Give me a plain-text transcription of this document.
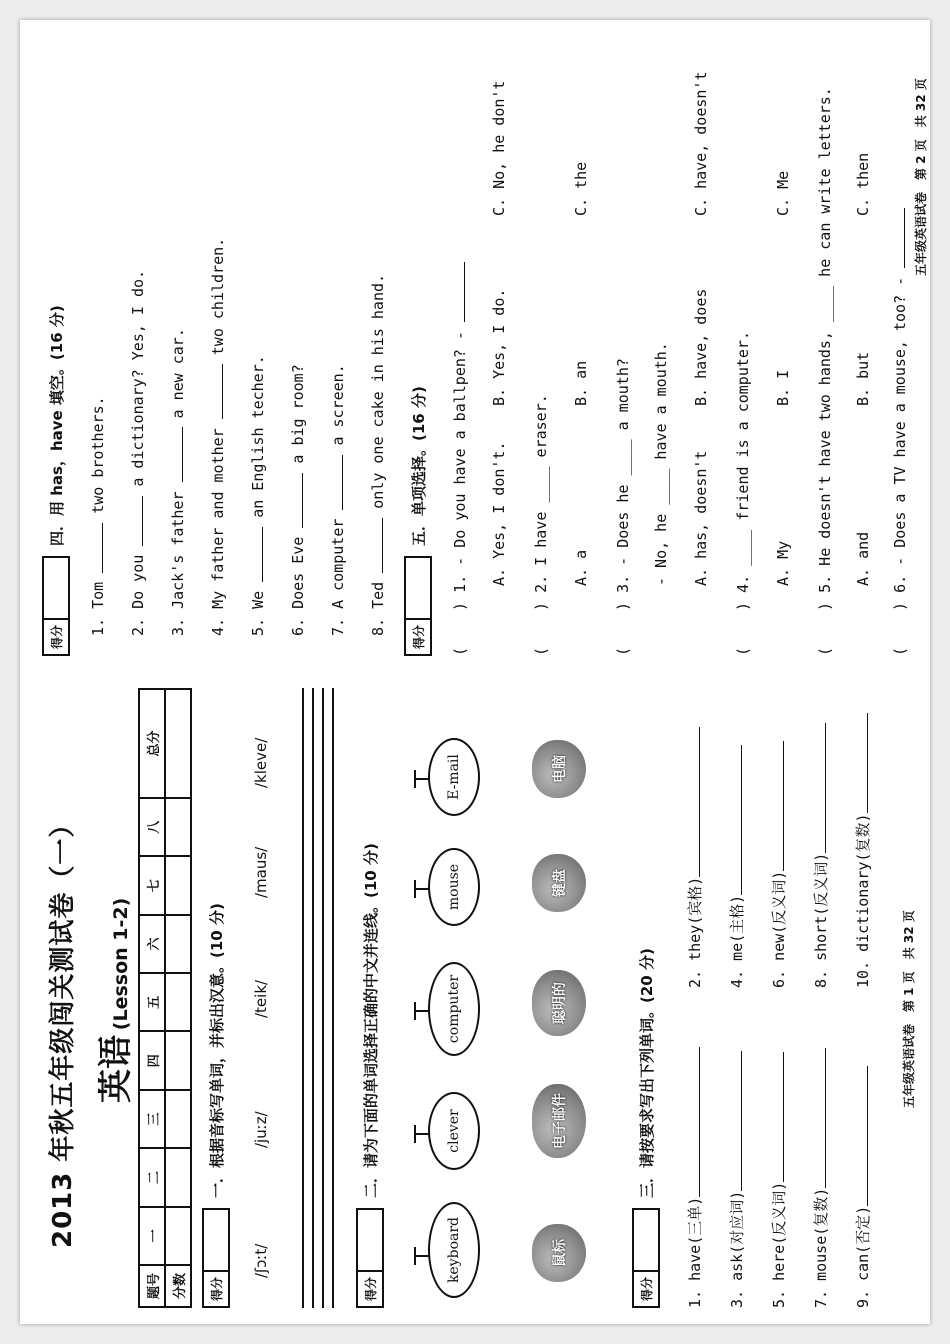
2013 年秋五年级闯关测试卷（一） 英语 (Lesson 1-2)
题号	一	二	三	四	五	六	七	八	总分
分数										得分
一．根据音标写单词，并标出汉意。(10 分)
/ʃɔːt/
/juːz/
/teik/
/maus/
/kleve/
得分
二．请为下面的单词选择正确的中文并连线。(10 分)
keyboard
clever
computer
mouse
E-mail
鼠标
电子邮件
聪明的
键盘
电脑
得分
三．请按要求写出下列单词。(20 分)
1. have(三单)
2. they(宾格)
3. ask(对应词)
4. me(主格)
5. here(反义词)
6. new(反义词)
7. mouse(复数)
8. short(反义词)
9. can(否定)
10. dictionary(复数)
五年级英语试卷　第 1 页　共 32 页
得分
四．用 has，have 填空。(16 分)
1. Tom  two brothers.
2. Do you  a dictionary? Yes, I do.
3. Jack's father  a new car.
4. My father and mother  two children.
5. We  an English techer.
6. Does Eve  a big room?
7. A computer  a screen.
8. Ted  only one cake in his hand.
得分
五．单项选择。(16 分)
() 1. - Do you have a ballpen? - A. Yes, I don't.
B. Yes, I do.
C. No, he don't
() 2. I have ____ eraser. A. a
B. an
C. the
() 3. - Does he ____ a mouth? - No, he ____ have a mouth. A. has, doesn't
B. have, does
C. have, doesn't
() 4. ____ friend is a computer. A. My
B. I
C. Me
() 5. He doesn't have two hands, ____ he can write letters. A. and
B. but
C. then
() 6. - Does a TV have a mouse, too? -
五年级英语试卷　第 2 页　共 32 页
